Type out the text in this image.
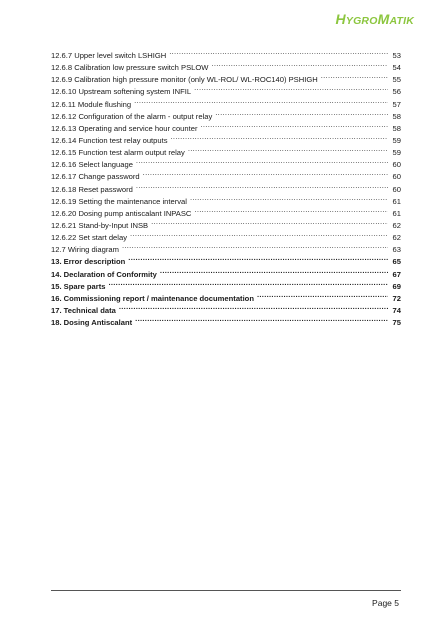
HYGROMATIK
12.6.7 Upper level switch LSHIGH .....	53
12.6.8 Calibration low pressure switch PSLOW .....	54
12.6.9 Calibration high pressure monitor (only WL-ROL/ WL-ROC140) PSHIGH .....	55
12.6.10 Upstream softening system INFIL .....	56
12.6.11 Module flushing .....	57
12.6.12 Configuration of the alarm - output relay .....	58
12.6.13 Operating and service hour counter .....	58
12.6.14 Function test relay outputs .....	59
12.6.15 Function test alarm output relay .....	59
12.6.16 Select language .....	60
12.6.17 Change password .....	60
12.6.18 Reset password .....	60
12.6.19 Setting the maintenance interval .....	61
12.6.20 Dosing pump antiscalant INPASC .....	61
12.6.21 Stand-by-Input INSB .....	62
12.6.22 Set start delay .....	62
12.7 Wiring diagram .....	63
13. Error description .....	65
14. Declaration of Conformity .....	67
15. Spare parts .....	69
16. Commissioning report / maintenance documentation .....	72
17. Technical data .....	74
18. Dosing Antiscalant .....	75
Page 5
